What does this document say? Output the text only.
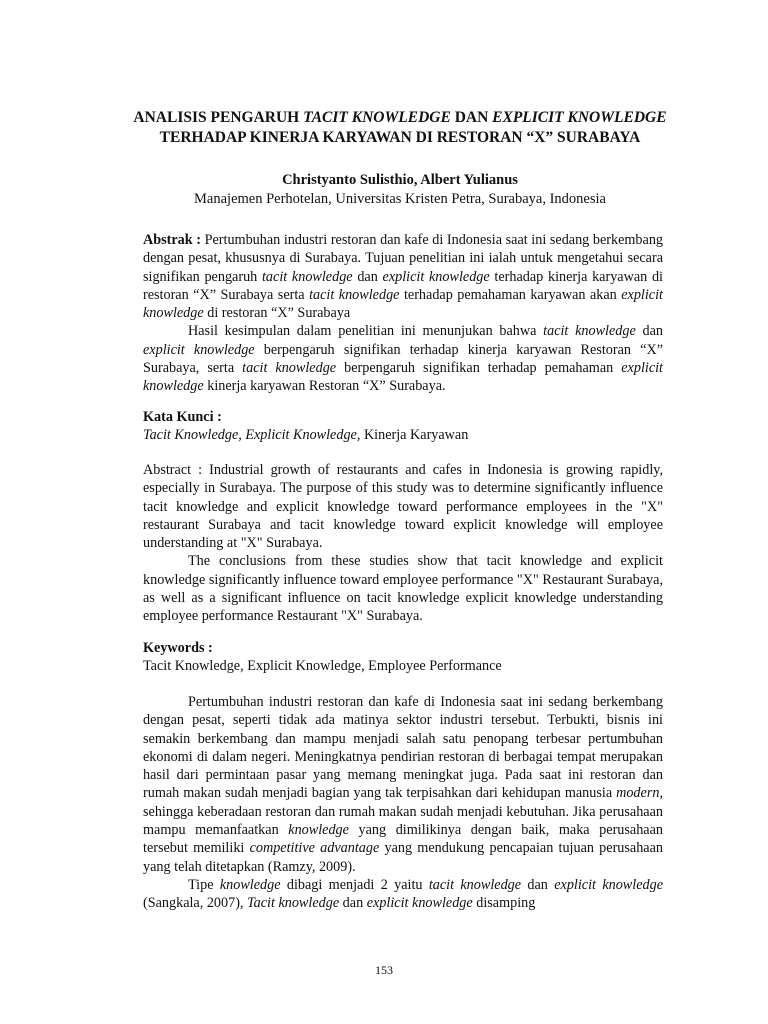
ANALISIS PENGARUH TACIT KNOWLEDGE DAN EXPLICIT KNOWLEDGE
TERHADAP KINERJA KARYAWAN DI RESTORAN “X” SURABAYA
Christyanto Sulisthio, Albert Yulianus
Manajemen Perhotelan, Universitas Kristen Petra, Surabaya, Indonesia

Abstrak : Pertumbuhan industri restoran dan kafe di Indonesia saat ini sedang berkembang dengan pesat, khususnya di Surabaya. Tujuan penelitian ini ialah untuk mengetahui secara signifikan pengaruh tacit knowledge dan explicit knowledge terhadap kinerja karyawan di restoran “X” Surabaya serta tacit knowledge terhadap pemahaman karyawan akan explicit knowledge di restoran “X” Surabaya

Hasil kesimpulan dalam penelitian ini menunjukan bahwa tacit knowledge dan explicit knowledge berpengaruh signifikan terhadap kinerja karyawan Restoran “X” Surabaya, serta tacit knowledge berpengaruh signifikan terhadap pemahaman explicit knowledge kinerja karyawan Restoran “X” Surabaya.

Kata Kunci :

Tacit Knowledge, Explicit Knowledge, Kinerja Karyawan

Abstract : Industrial growth of restaurants and cafes in Indonesia is growing rapidly, especially in Surabaya. The purpose of this study was to determine significantly influence tacit knowledge and explicit knowledge toward performance employees in the "X" restaurant Surabaya and tacit knowledge toward explicit knowledge will employee understanding at "X" Surabaya.

The conclusions from these studies show that tacit knowledge and explicit knowledge significantly influence toward employee performance "X" Restaurant Surabaya, as well as a significant influence on tacit knowledge explicit knowledge understanding employee performance Restaurant "X" Surabaya.

Keywords :

Tacit Knowledge, Explicit Knowledge, Employee Performance

Pertumbuhan industri restoran dan kafe di Indonesia saat ini sedang berkembang dengan pesat, seperti tidak ada matinya sektor industri tersebut. Terbukti, bisnis ini semakin berkembang dan mampu menjadi salah satu penopang terbesar pertumbuhan ekonomi di dalam negeri. Meningkatnya pendirian restoran di berbagai tempat merupakan hasil dari permintaan pasar yang memang meningkat juga. Pada saat ini restoran dan rumah makan sudah menjadi bagian yang tak terpisahkan dari kehidupan manusia modern, sehingga keberadaan restoran dan rumah makan sudah menjadi kebutuhan. Jika perusahaan mampu memanfaatkan knowledge yang dimilikinya dengan baik, maka perusahaan tersebut memiliki competitive advantage yang mendukung pencapaian tujuan perusahaan yang telah ditetapkan (Ramzy, 2009).

Tipe knowledge dibagi menjadi 2 yaitu tacit knowledge dan explicit knowledge (Sangkala, 2007), Tacit knowledge dan explicit knowledge disamping

153
